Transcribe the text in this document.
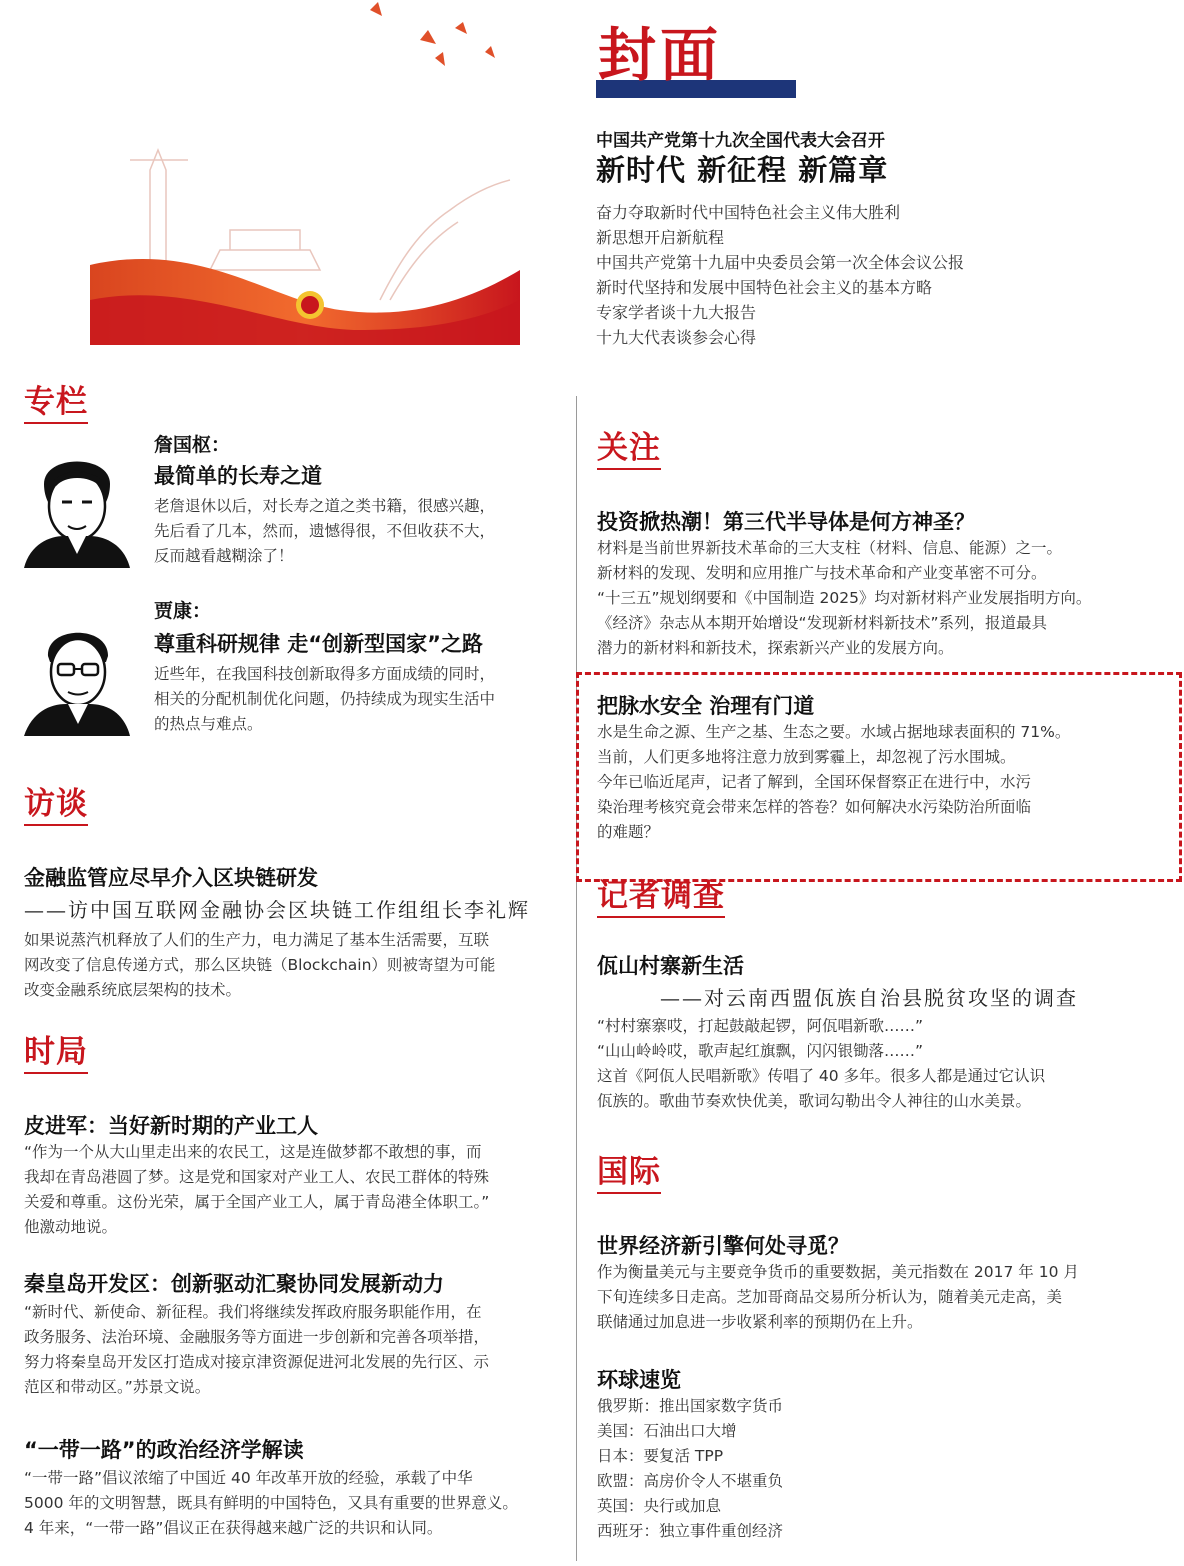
封面
中国共产党第十九次全国代表大会召开
新时代 新征程 新篇章
奋力夺取新时代中国特色社会主义伟大胜利
新思想开启新航程
中国共产党第十九届中央委员会第一次全体会议公报
新时代坚持和发展中国特色社会主义的基本方略
专家学者谈十九大报告
十九大代表谈参会心得
专栏
詹国枢：
最简单的长寿之道
老詹退休以后，对长寿之道之类书籍，很感兴趣，
先后看了几本，然而，遗憾得很，不但收获不大，
反而越看越糊涂了！
贾康：
尊重科研规律 走“创新型国家”之路
近些年，在我国科技创新取得多方面成绩的同时，
相关的分配机制优化问题，仍持续成为现实生活中
的热点与难点。
访谈
金融监管应尽早介入区块链研发
——访中国互联网金融协会区块链工作组组长李礼辉
如果说蒸汽机释放了人们的生产力，电力满足了基本生活需要，互联
网改变了信息传递方式，那么区块链（Blockchain）则被寄望为可能
改变金融系统底层架构的技术。
时局
皮进军：当好新时期的产业工人
“作为一个从大山里走出来的农民工，这是连做梦都不敢想的事，而
我却在青岛港圆了梦。这是党和国家对产业工人、农民工群体的特殊
关爱和尊重。这份光荣，属于全国产业工人，属于青岛港全体职工。”
他激动地说。
秦皇岛开发区：创新驱动汇聚协同发展新动力
“新时代、新使命、新征程。我们将继续发挥政府服务职能作用，在
政务服务、法治环境、金融服务等方面进一步创新和完善各项举措，
努力将秦皇岛开发区打造成对接京津资源促进河北发展的先行区、示
范区和带动区。”苏景文说。
“一带一路”的政治经济学解读
“一带一路”倡议浓缩了中国近 40 年改革开放的经验，承载了中华
5000 年的文明智慧，既具有鲜明的中国特色，又具有重要的世界意义。
4 年来，“一带一路”倡议正在获得越来越广泛的共识和认同。
关注
投资掀热潮！第三代半导体是何方神圣？
材料是当前世界新技术革命的三大支柱（材料、信息、能源）之一。
新材料的发现、发明和应用推广与技术革命和产业变革密不可分。
“十三五”规划纲要和《中国制造 2025》均对新材料产业发展指明方向。
《经济》杂志从本期开始增设“发现新材料新技术”系列，报道最具
潜力的新材料和新技术，探索新兴产业的发展方向。
把脉水安全 治理有门道
水是生命之源、生产之基、生态之要。水域占据地球表面积的 71%。
当前，人们更多地将注意力放到雾霾上，却忽视了污水围城。
今年已临近尾声，记者了解到，全国环保督察正在进行中，水污
染治理考核究竟会带来怎样的答卷？如何解决水污染防治所面临
的难题？
记者调查
佤山村寨新生活
——对云南西盟佤族自治县脱贫攻坚的调查
“村村寨寨哎，打起鼓敲起锣，阿佤唱新歌……”
“山山岭岭哎，歌声起红旗飘，闪闪银锄落……”
这首《阿佤人民唱新歌》传唱了 40 多年。很多人都是通过它认识
佤族的。歌曲节奏欢快优美，歌词勾勒出令人神往的山水美景。
国际
世界经济新引擎何处寻觅？
作为衡量美元与主要竞争货币的重要数据，美元指数在 2017 年 10 月
下旬连续多日走高。芝加哥商品交易所分析认为，随着美元走高，美
联储通过加息进一步收紧利率的预期仍在上升。
环球速览
俄罗斯：推出国家数字货币
美国：石油出口大增
日本：要复活 TPP
欧盟：高房价令人不堪重负
英国：央行或加息
西班牙：独立事件重创经济
